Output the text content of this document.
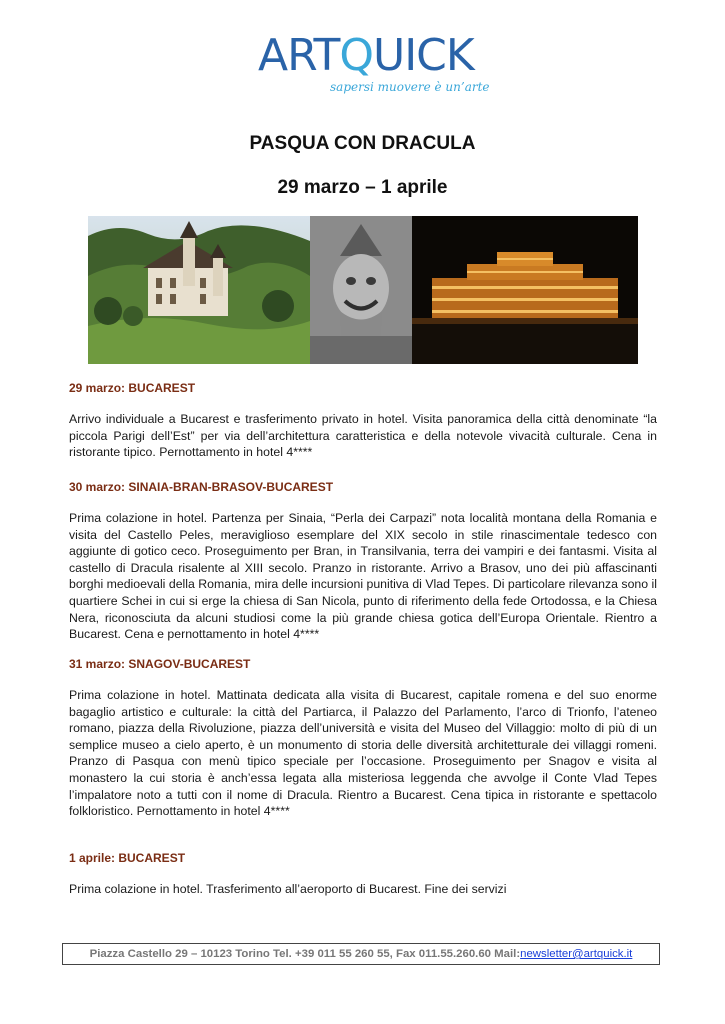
ARTQUICK
sapersi muovere è un’arte
PASQUA CON DRACULA
29 marzo – 1 aprile
29 marzo: BUCAREST
Arrivo individuale a Bucarest e trasferimento privato in hotel. Visita panoramica della città denominate “la piccola Parigi dell’Est” per via dell’architettura caratteristica e della notevole vivacità culturale. Cena in ristorante tipico. Pernottamento in hotel 4****
30 marzo: SINAIA-BRAN-BRASOV-BUCAREST
Prima colazione in hotel. Partenza per Sinaia, “Perla dei Carpazi” nota località montana della Romania e visita del Castello Peles, meraviglioso esemplare del XIX secolo in stile rinascimentale tedesco con aggiunte di gotico ceco. Proseguimento per Bran, in Transilvania, terra dei vampiri e dei fantasmi. Visita al castello di Dracula risalente al XIII secolo. Pranzo in ristorante. Arrivo a Brasov, uno dei più affascinanti borghi medioevali della Romania, mira delle incursioni punitiva di Vlad Tepes. Di particolare rilevanza sono il quartiere Schei in cui si erge la chiesa di San Nicola, punto di riferimento della fede Ortodossa, e la Chiesa Nera, riconosciuta da alcuni studiosi come la più grande chiesa gotica dell’Europa Orientale. Rientro a Bucarest. Cena e pernottamento in hotel 4****
31 marzo: SNAGOV-BUCAREST
Prima colazione in hotel. Mattinata dedicata alla visita di Bucarest, capitale romena e del suo enorme bagaglio artistico e culturale: la città del Partiarca, il Palazzo del Parlamento, l’arco di Trionfo, l’ateneo romano, piazza della Rivoluzione, piazza dell’università e visita del Museo del Villaggio: molto di più di un semplice museo a cielo aperto, è un monumento di storia delle diversità architetturale dei villaggi romeni. Pranzo di Pasqua con menù tipico speciale per l’occasione. Proseguimento per Snagov e visita al monastero la cui storia è anch’essa legata alla misteriosa leggenda che avvolge il Conte Vlad Tepes l’impalatore noto a tutti con il nome di Dracula. Rientro a Bucarest. Cena tipica in ristorante e spettacolo folkloristico. Pernottamento in hotel 4****
1 aprile: BUCAREST
Prima colazione in hotel. Trasferimento all’aeroporto di Bucarest. Fine dei servizi
Piazza Castello 29 – 10123 Torino Tel. +39 011 55 260 55, Fax 011.55.260.60 Mail:newsletter@artquick.it
